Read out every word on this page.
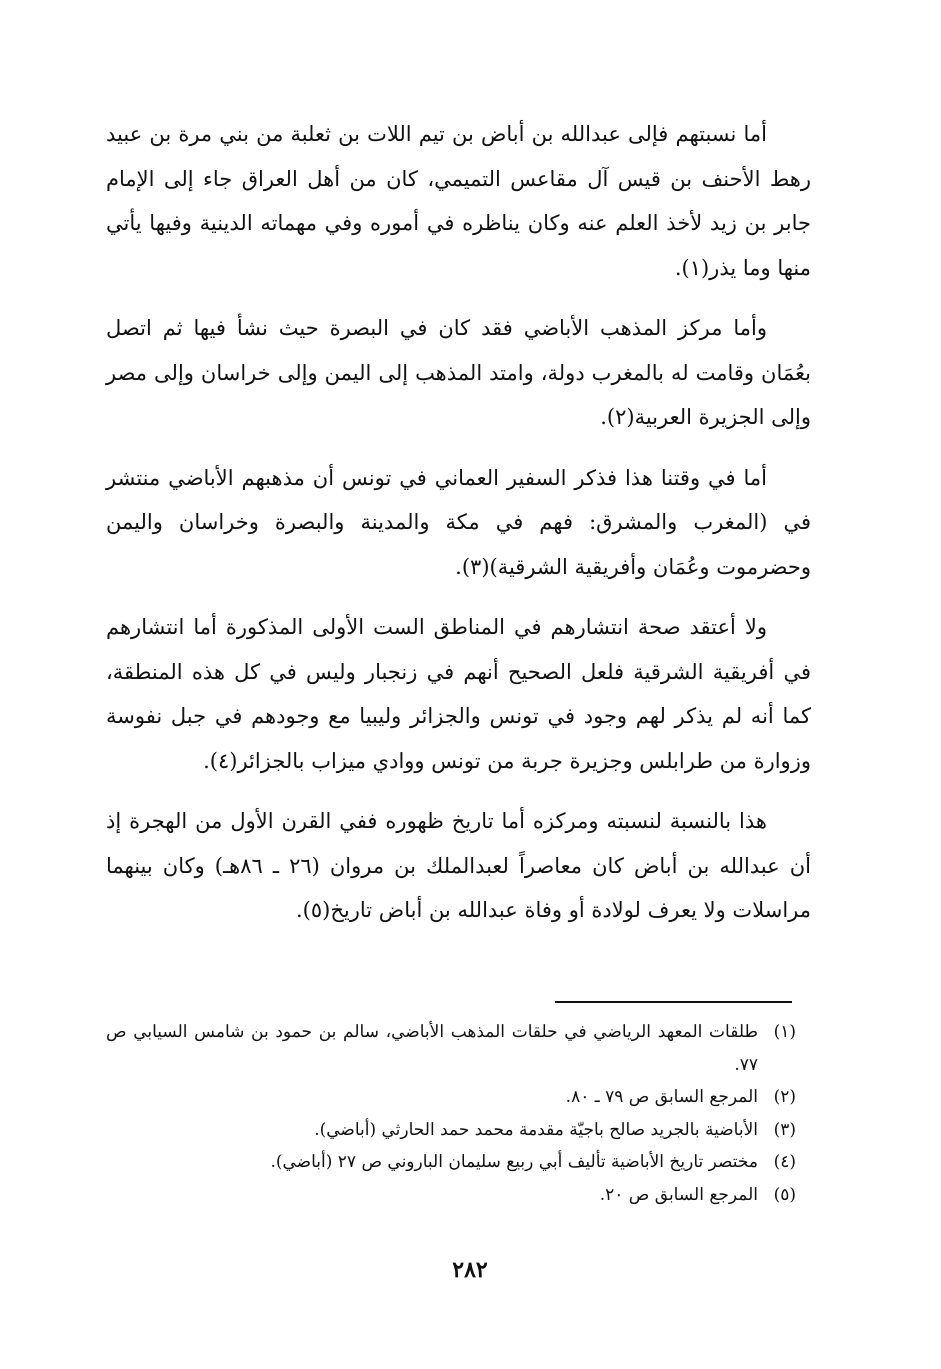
أما نسبتهم فإلى عبدالله بن أباض بن تيم اللات بن ثعلبة من بني مرة بن عبيد رهط الأحنف بن قيس آل مقاعس التميمي، كان من أهل العراق جاء إلى الإمام جابر بن زيد لأخذ العلم عنه وكان يناظره في أموره وفي مهماته الدينية وفيها يأتي منها وما يذر(١).

وأما مركز المذهب الأباضي فقد كان في البصرة حيث نشأ فيها ثم اتصل بعُمَان وقامت له بالمغرب دولة، وامتد المذهب إلى اليمن وإلى خراسان وإلى مصر وإلى الجزيرة العربية(٢).

أما في وقتنا هذا فذكر السفير العماني في تونس أن مذهبهم الأباضي منتشر في (المغرب والمشرق: فهم في مكة والمدينة والبصرة وخراسان واليمن وحضرموت وعُمَان وأفريقية الشرقية)(٣).

ولا أعتقد صحة انتشارهم في المناطق الست الأولى المذكورة أما انتشارهم في أفريقية الشرقية فلعل الصحيح أنهم في زنجبار وليس في كل هذه المنطقة، كما أنه لم يذكر لهم وجود في تونس والجزائر وليبيا مع وجودهم في جبل نفوسة وزوارة من طرابلس وجزيرة جربة من تونس ووادي ميزاب بالجزائر(٤).

هذا بالنسبة لنسبته ومركزه أما تاريخ ظهوره ففي القرن الأول من الهجرة إذ أن عبدالله بن أباض كان معاصراً لعبدالملك بن مروان (٢٦ ـ ٨٦هـ) وكان بينهما مراسلات ولا يعرف لولادة أو وفاة عبدالله بن أباض تاريخ(٥).

(١)
طلقات المعهد الرياضي في حلقات المذهب الأباضي، سالم بن حمود بن شامس السيابي ص ٧٧.
(٢)
المرجع السابق ص ٧٩ ـ ٨٠.
(٣)
الأباضية بالجريد صالح باجيّة مقدمة محمد حمد الحارثي (أباضي).
(٤)
مختصر تاريخ الأباضية تأليف أبي ربيع سليمان الباروني ص ٢٧ (أباضي).
(٥)
المرجع السابق ص ٢٠.
٢٨٢
